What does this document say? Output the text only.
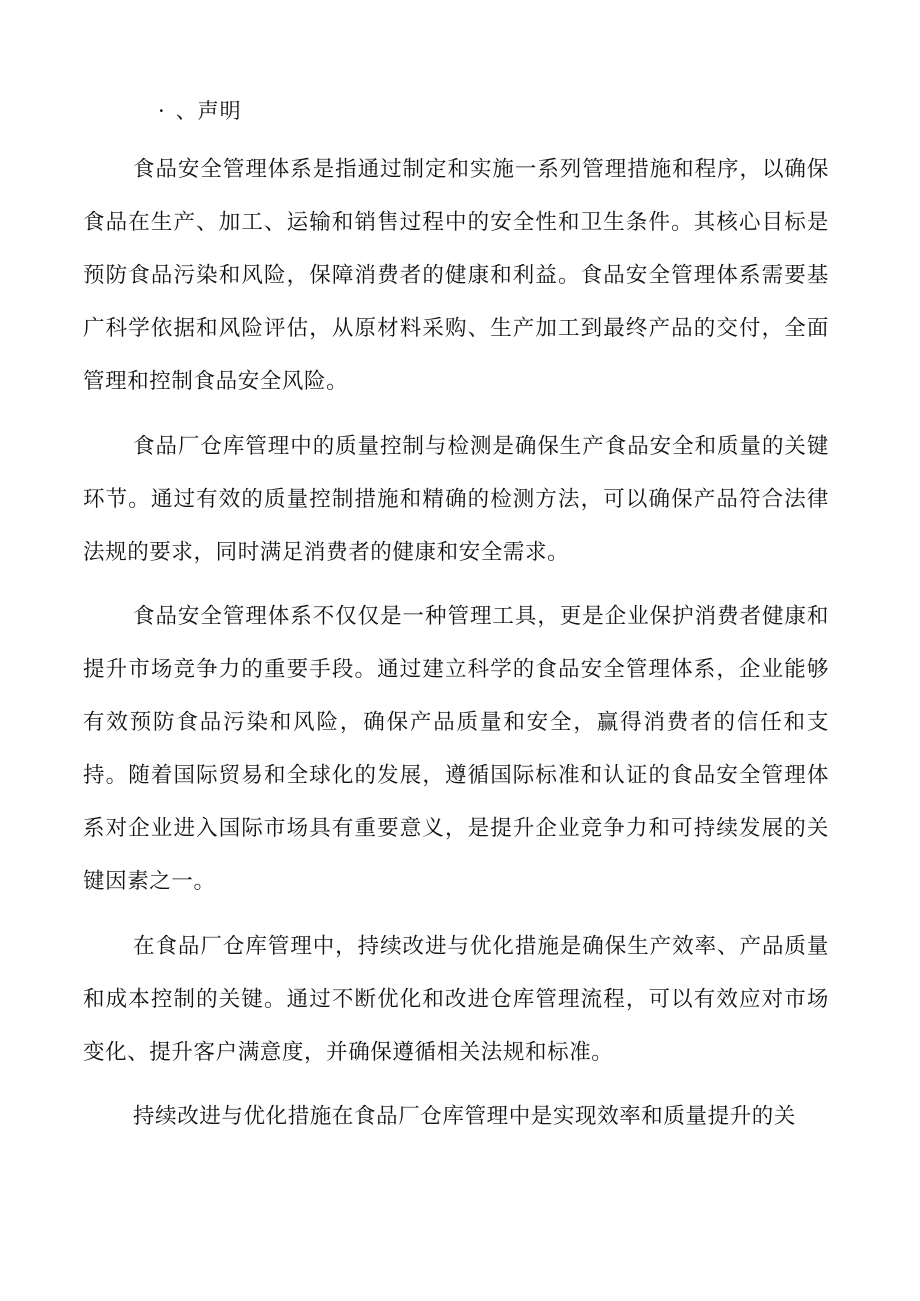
· 、声明

食品安全管理体系是指通过制定和实施一系列管理措施和程序，以确保食品在生产、加工、运输和销售过程中的安全性和卫生条件。其核心目标是预防食品污染和风险，保障消费者的健康和利益。食品安全管理体系需要基广科学依据和风险评估，从原材料采购、生产加工到最终产品的交付，全面管理和控制食品安全风险。

食品厂仓库管理中的质量控制与检测是确保生产食品安全和质量的关键环节。通过有效的质量控制措施和精确的检测方法，可以确保产品符合法律法规的要求，同时满足消费者的健康和安全需求。

食品安全管理体系不仅仅是一种管理工具，更是企业保护消费者健康和提升市场竞争力的重要手段。通过建立科学的食品安全管理体系，企业能够有效预防食品污染和风险，确保产品质量和安全，赢得消费者的信任和支持。随着国际贸易和全球化的发展，遵循国际标准和认证的食品安全管理体系对企业进入国际市场具有重要意义，是提升企业竞争力和可持续发展的关键因素之一。

在食品厂仓库管理中，持续改进与优化措施是确保生产效率、产品质量和成本控制的关键。通过不断优化和改进仓库管理流程，可以有效应对市场变化、提升客户满意度，并确保遵循相关法规和标准。

持续改进与优化措施在食品厂仓库管理中是实现效率和质量提升的关
